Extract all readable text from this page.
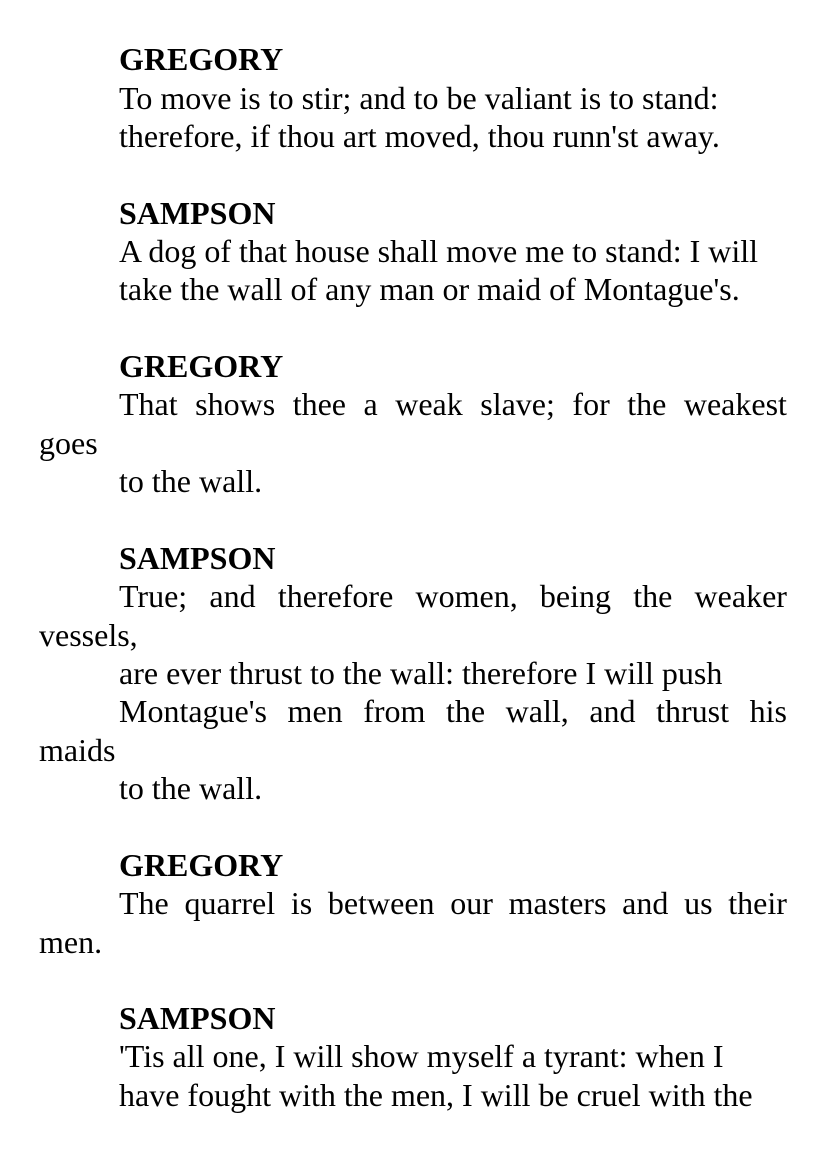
GREGORY
To move is to stir; and to be valiant is to stand:
therefore, if thou art moved, thou runn'st away.
SAMPSON
A dog of that house shall move me to stand: I will
take the wall of any man or maid of Montague's.
GREGORY
That shows thee a weak slave; for the weakest
goes
to the wall.
SAMPSON
True; and therefore women, being the weaker
vessels,
are ever thrust to the wall: therefore I will push
Montague's men from the wall, and thrust his
maids
to the wall.
GREGORY
The quarrel is between our masters and us their
men.
SAMPSON
'Tis all one, I will show myself a tyrant: when I
have fought with the men, I will be cruel with the
